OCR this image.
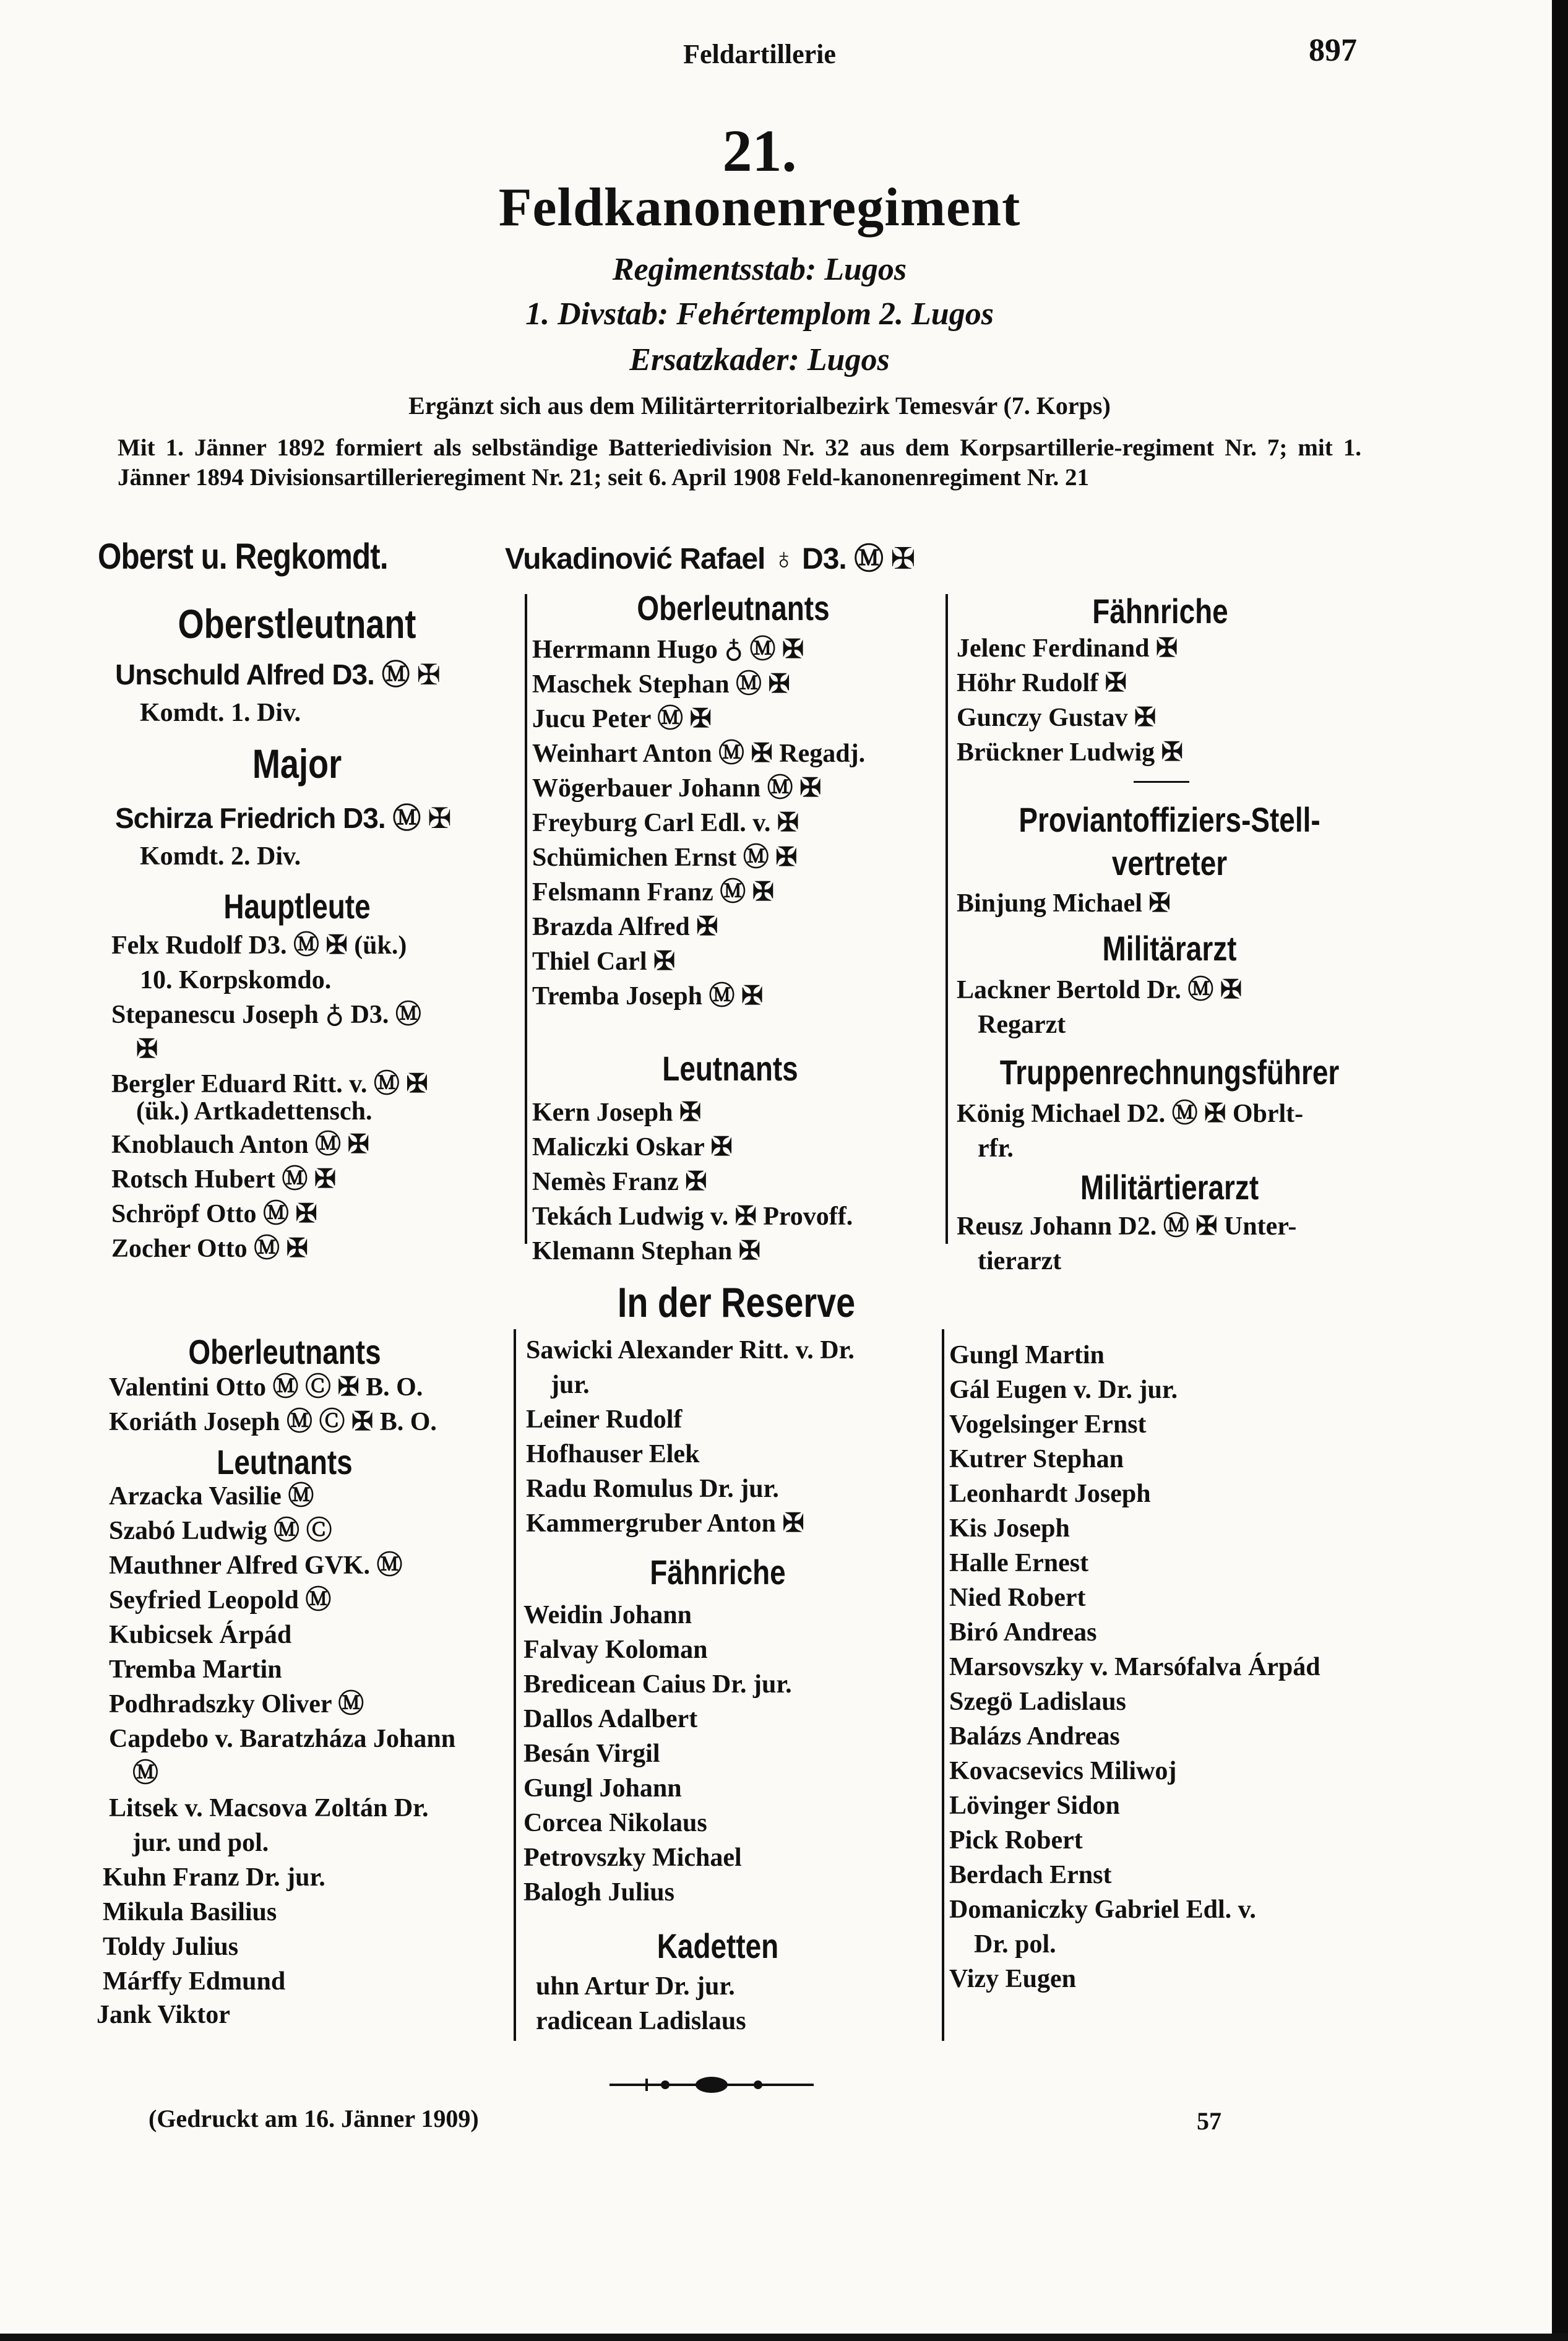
Feldartillerie	897
21.
Feldkanonenregiment
Regimentsstab: Lugos
1. Divstab: Fehértemplom 2. Lugos
Ersatzkader: Lugos
Ergänzt sich aus dem Militärterritorialbezirk Temesvár (7. Korps)
Mit 1. Jänner 1892 formiert als selbständige Batteriedivision Nr. 32 aus dem Korpsartillerie-regiment Nr. 7; mit 1. Jänner 1894 Divisionsartillerieregiment Nr. 21; seit 6. April 1908 Feld-kanonenregiment Nr. 21
Oberst u. Regkomdt.	Vukadinović Rafael ♁ D3. Ⓜ ✠
Oberstleutnant
Unschuld Alfred D3. Ⓜ ✠
Komdt. 1. Div.
Major
Schirza Friedrich D3. Ⓜ ✠
Komdt. 2. Div.
Hauptleute
Felx Rudolf D3. Ⓜ ✠ (ük.)
10. Korpskomdo.
Stepanescu Joseph ♁ D3. Ⓜ
✠
Bergler Eduard Ritt. v. Ⓜ ✠
(ük.) Artkadettensch.
Knoblauch Anton Ⓜ ✠
Rotsch Hubert Ⓜ ✠
Schröpf Otto Ⓜ ✠
Zocher Otto Ⓜ ✠
Oberleutnants
Herrmann Hugo ♁ Ⓜ ✠
Maschek Stephan Ⓜ ✠
Jucu Peter Ⓜ ✠
Weinhart Anton Ⓜ ✠ Regadj.
Wögerbauer Johann Ⓜ ✠
Freyburg Carl Edl. v. ✠
Schümichen Ernst Ⓜ ✠
Felsmann Franz Ⓜ ✠
Brazda Alfred ✠
Thiel Carl ✠
Tremba Joseph Ⓜ ✠
Leutnants
Kern Joseph ✠
Maliczki Oskar ✠
Nemès Franz ✠
Tekách Ludwig v. ✠ Provoff.
Klemann Stephan ✠
Fähnriche
Jelenc Ferdinand ✠
Höhr Rudolf ✠
Gunczy Gustav ✠
Brückner Ludwig ✠
Proviantoffiziers-Stell-
vertreter
Binjung Michael ✠
Militärarzt
Lackner Bertold Dr. Ⓜ ✠
Regarzt
Truppenrechnungsführer
König Michael D2. Ⓜ ✠ Obrlt-
rfr.
Militärtierarzt
Reusz Johann D2. Ⓜ ✠ Unter-
tierarzt
In der Reserve
Oberleutnants
Valentini Otto Ⓜ Ⓒ ✠ B. O.
Koriáth Joseph Ⓜ Ⓒ ✠ B. O.
Leutnants
Arzacka Vasilie Ⓜ
Szabó Ludwig Ⓜ Ⓒ
Mauthner Alfred GVK. Ⓜ
Seyfried Leopold Ⓜ
Kubicsek Árpád
Tremba Martin
Podhradszky Oliver Ⓜ
Capdebo v. Baratzháza Johann
Ⓜ
Litsek v. Macsova Zoltán Dr.
jur. und pol.
Kuhn Franz Dr. jur.
Mikula Basilius
Toldy Julius
Márffy Edmund
Jank Viktor
Sawicki Alexander Ritt. v. Dr.
jur.
Leiner Rudolf
Hofhauser Elek
Radu Romulus Dr. jur.
Kammergruber Anton ✠
Fähnriche
Weidin Johann
Falvay Koloman
Bredicean Caius Dr. jur.
Dallos Adalbert
Besán Virgil
Gungl Johann
Corcea Nikolaus
Petrovszky Michael
Balogh Julius
Kadetten
uhn Artur Dr. jur.
radicean Ladislaus
Gungl Martin
Gál Eugen v. Dr. jur.
Vogelsinger Ernst
Kutrer Stephan
Leonhardt Joseph
Kis Joseph
Halle Ernest
Nied Robert
Biró Andreas
Marsovszky v. Marsófalva Árpád
Szegö Ladislaus
Balázs Andreas
Kovacsevics Miliwoj
Lövinger Sidon
Pick Robert
Berdach Ernst
Domaniczky Gabriel Edl. v.
Dr. pol.
Vizy Eugen
(Gedruckt am 16. Jänner 1909)	57
